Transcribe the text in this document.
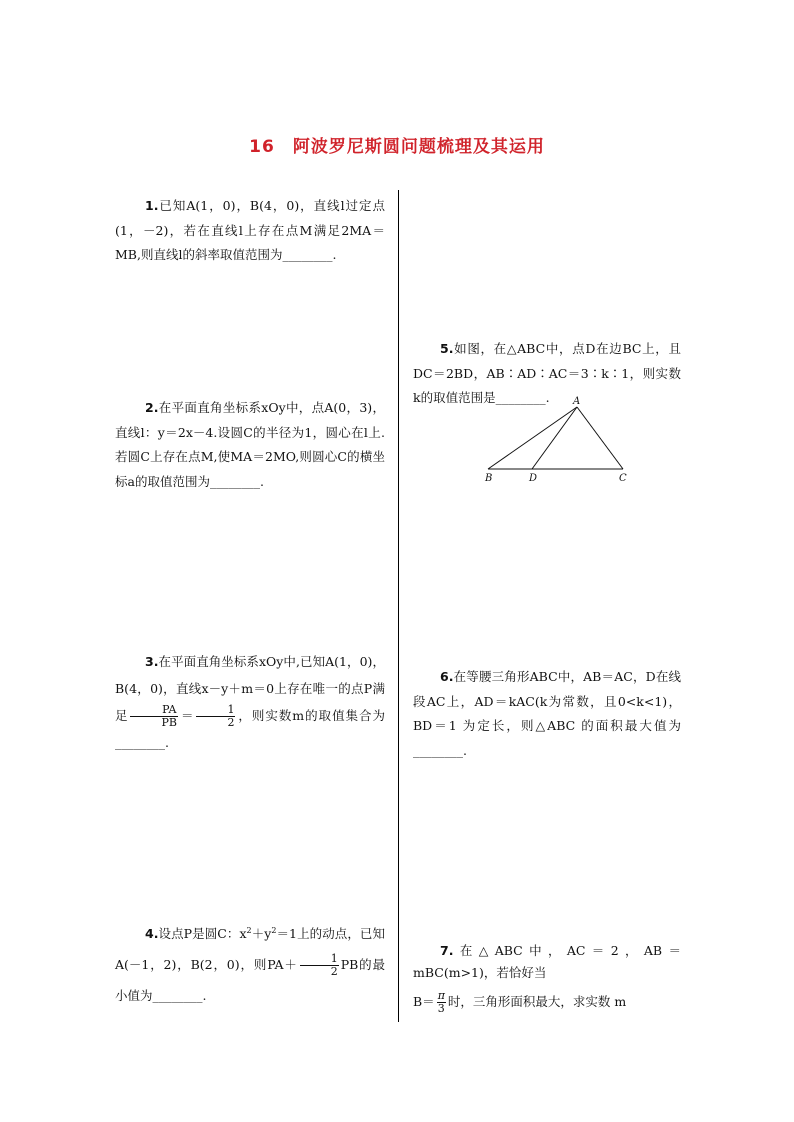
16　阿波罗尼斯圆问题梳理及其运用
1.已知A(1，0)，B(4，0)，直线l过定点(1，－2)，若在直线l上存在点M满足2MA＝MB,则直线l的斜率取值范围为________.
2.在平面直角坐标系xOy中，点A(0，3)，直线l：y＝2x－4.设圆C的半径为1，圆心在l上.若圆C上存在点M,使MA＝2MO,则圆心C的横坐标a的取值范围为________.
3.在平面直角坐标系xOy中,已知A(1，0)，B(4，0)，直线x－y＋m＝0上存在唯一的点P满足 $\frac{PA}{PB} = \frac{1}{2}$ ，则实数m的取值集合为________.
4.设点P是圆C：$x^2+y^2=1$上的动点，已知A(－1，2)，B(2，0)，则$PA+ \frac{1}{2}$ PB的最小值为________.
5.如图，在△ABC中，点D在边BC上，且DC＝2BD，AB∶AD∶AC＝3∶k∶1，则实数k的取值范围是________.	A
B	D	C
6.在等腰三角形ABC中，AB＝AC，D在线段AC上，AD＝kAC(k为常数，且0<k<1)，BD＝1 为定长，则△ABC 的面积最大值为________.
7.在△ABC中，AC＝2，AB＝mBC(m>1)，若恰好当
$B= \frac{\pi}{3}$ 时，三角形面积最大，求实数 m
